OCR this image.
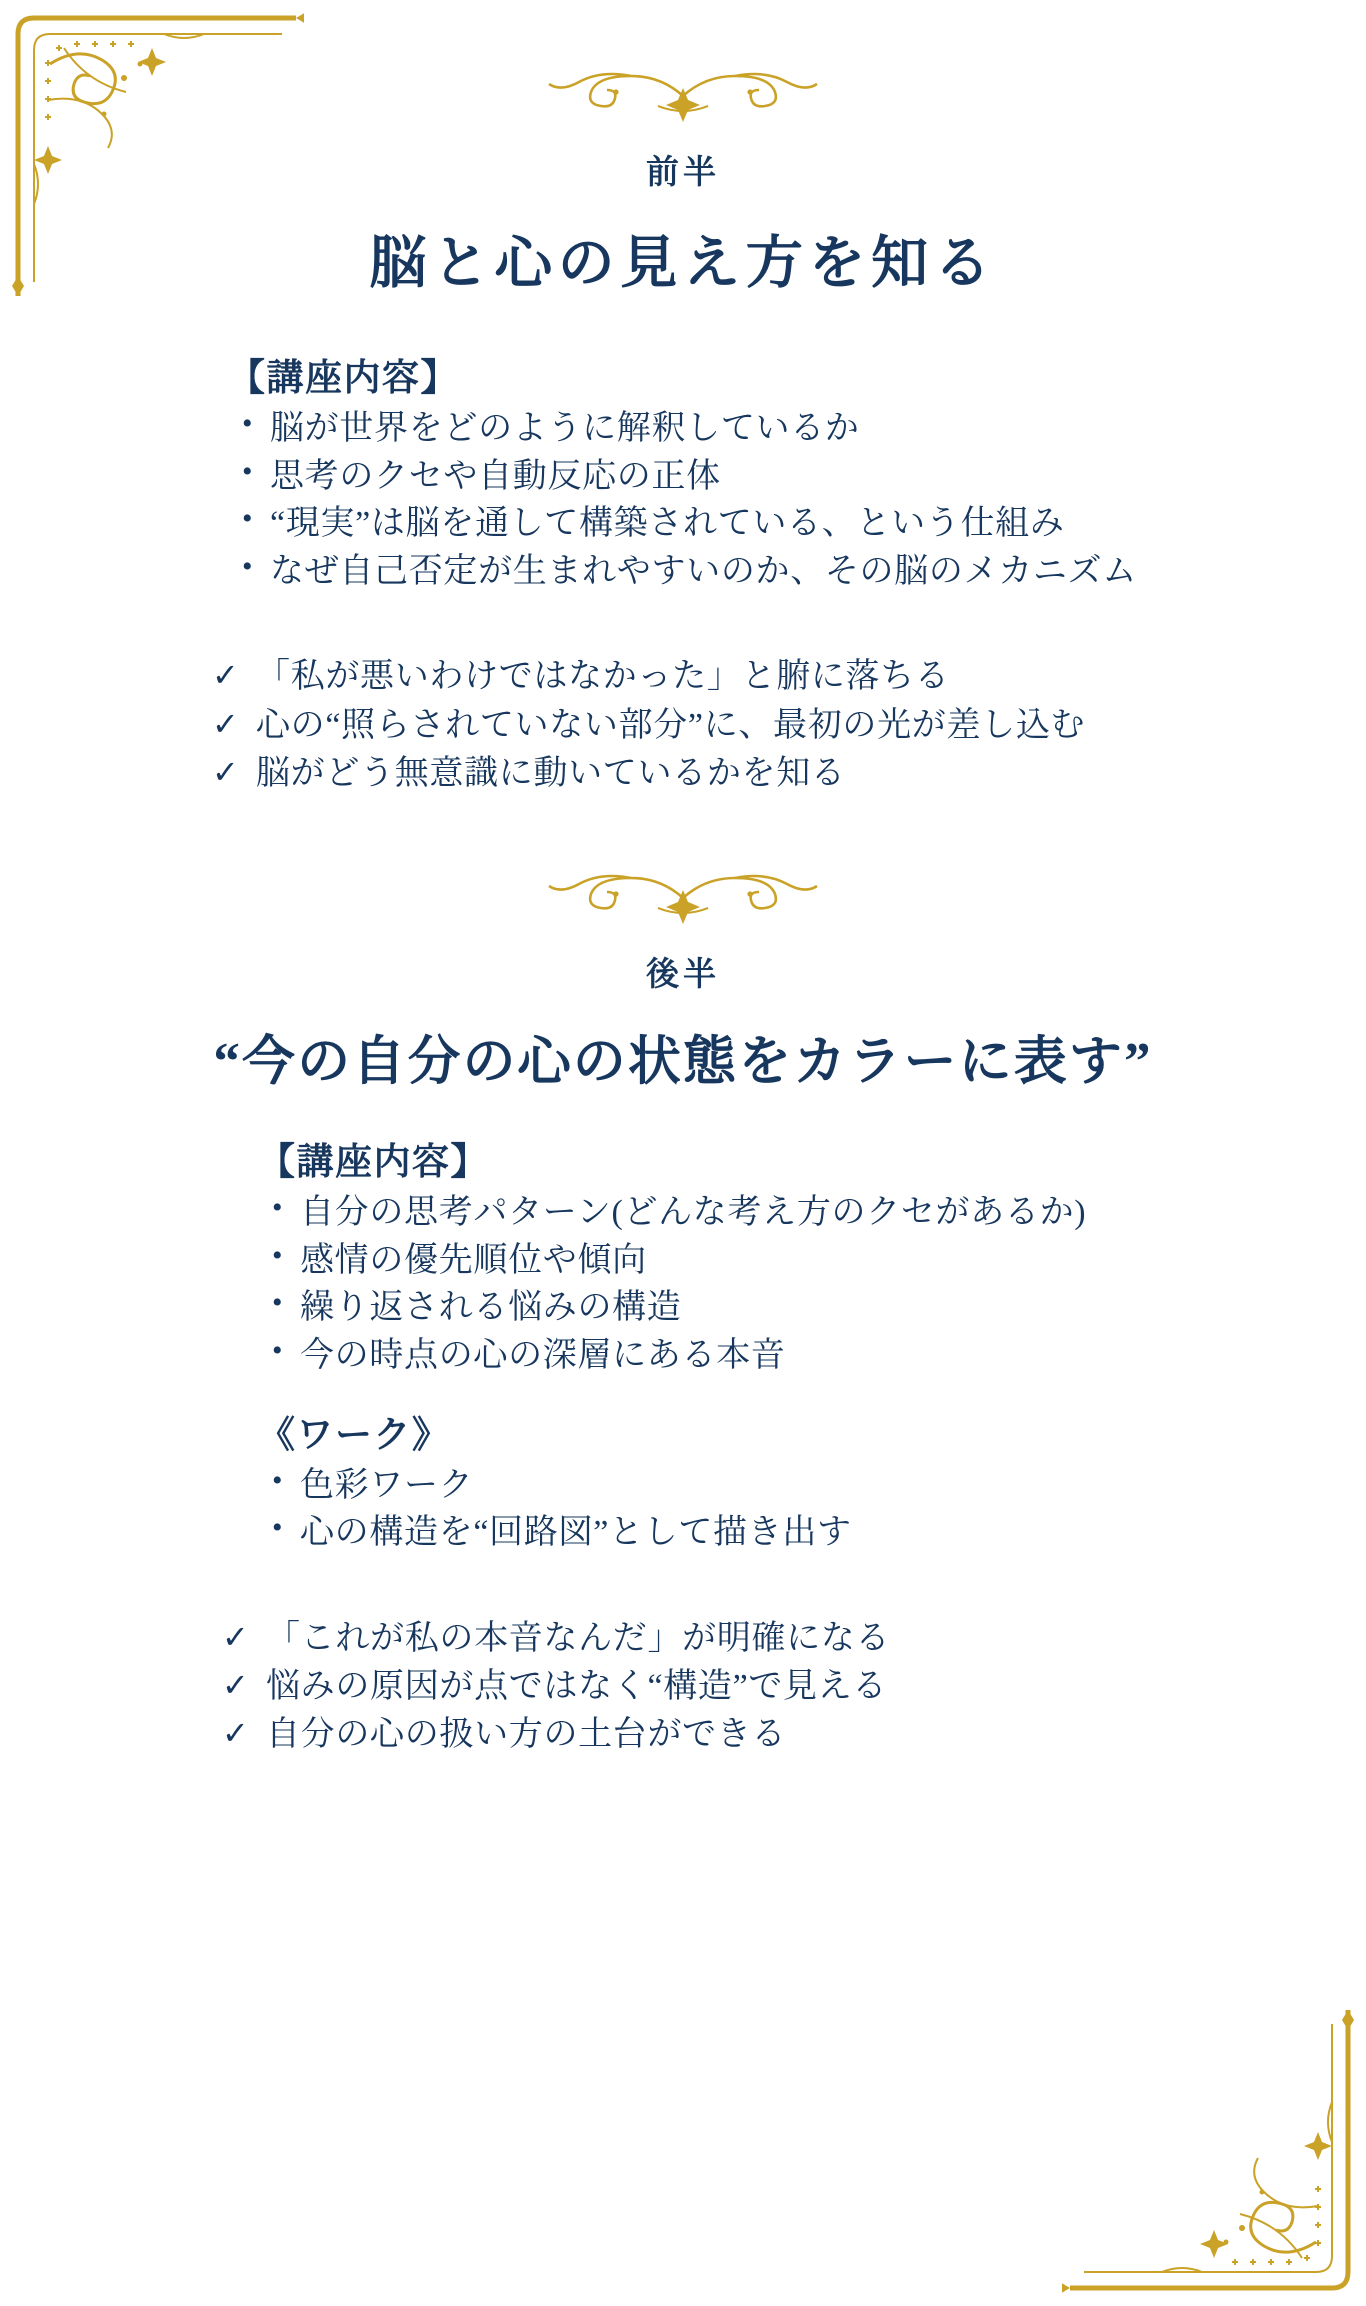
前半
脳と心の見え方を知る
【講座内容】
• 脳が世界をどのように解釈しているか
• 思考のクセや自動反応の正体
• “現実”は脳を通して構築されている、という仕組み
• なぜ自己否定が生まれやすいのか、その脳のメカニズム
✓ 「私が悪いわけではなかった」と腑に落ちる
✓ 心の“照らされていない部分”に、最初の光が差し込む
✓ 脳がどう無意識に動いているかを知る
後半
“今の自分の心の状態をカラーに表す”
【講座内容】
• 自分の思考パターン(どんな考え方のクセがあるか)
• 感情の優先順位や傾向
• 繰り返される悩みの構造
• 今の時点の心の深層にある本音
《ワーク》
• 色彩ワーク
• 心の構造を“回路図”として描き出す
✓ 「これが私の本音なんだ」が明確になる
✓ 悩みの原因が点ではなく“構造”で見える
✓ 自分の心の扱い方の土台ができる
